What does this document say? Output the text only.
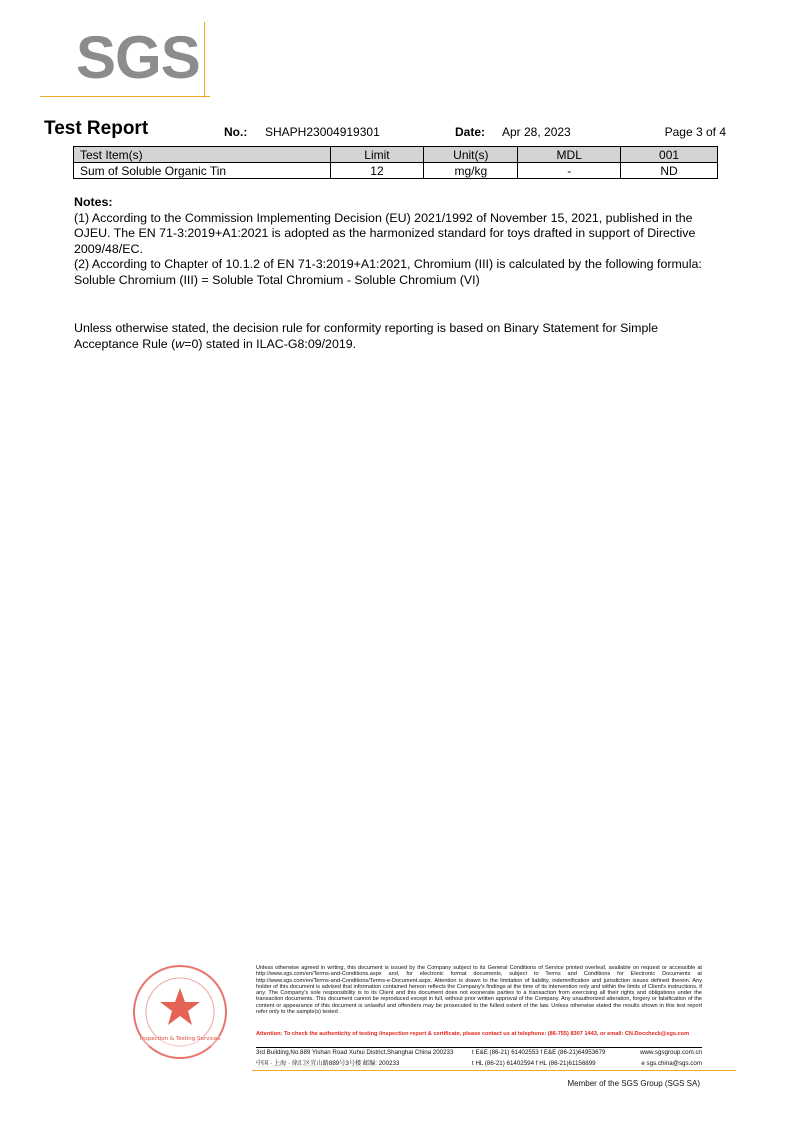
SGS
Test Report	No.: SHAPH23004919301	Date: Apr 28, 2023	Page 3 of 4
Test Item(s)	Limit	Unit(s)	MDL	001
Sum of Soluble Organic Tin	12	mg/kg	-	ND

Notes:

(1) According to the Commission Implementing Decision (EU) 2021/1992 of November 15, 2021, published in the OJEU. The EN 71-3:2019+A1:2021 is adopted as the harmonized standard for toys drafted in support of Directive 2009/48/EC.

(2) According to Chapter of 10.1.2 of EN 71-3:2019+A1:2021, Chromium (III) is calculated by the following formula:

Soluble Chromium (III) = Soluble Total Chromium - Soluble Chromium (VI)

Unless otherwise stated, the decision rule for conformity reporting is based on Binary Statement for Simple Acceptance Rule (w=0) stated in ILAC-G8:09/2019.
Inspection & Testing Services
Unless otherwise agreed in writing, this document is issued by the Company subject to its General Conditions of Service printed overleaf, available on request or accessible at http://www.sgs.com/en/Terms-and-Conditions.aspx and, for electronic format documents, subject to Terms and Conditions for Electronic Documents at http://www.sgs.com/en/Terms-and-Conditions/Terms-e-Document.aspx. Attention is drawn to the limitation of liability, indemnification and jurisdiction issues defined therein. Any holder of this document is advised that information contained hereon reflects the Company's findings at the time of its intervention only and within the limits of Client's instructions, if any. The Company's sole responsibility is to its Client and this document does not exonerate parties to a transaction from exercising all their rights and obligations under the transaction documents. This document cannot be reproduced except in full, without prior written approval of the Company. Any unauthorized alteration, forgery or falsification of the content or appearance of this document is unlawful and offenders may be prosecuted to the fullest extent of the law. Unless otherwise stated the results shown in this test report refer only to the sample(s) tested .
Attention: To check the authenticity of testing /inspection report & certificate, please contact us at telephone: (86-755) 8307 1443, or email: CN.Doccheck@sgs.com
3rd Building,No.889 Yishan Road Xuhui District,Shanghai China 200233	t E&E (86-21) 61402553 f E&E (86-21)64953679	www.sgsgroup.com.cn
中国 · 上海 · 徐汇区宜山路889号3号楼 邮编: 200233	t HL (86-21) 61402594 f HL (86-21)61156899	e sgs.china@sgs.com
Member of the SGS Group (SGS SA)
